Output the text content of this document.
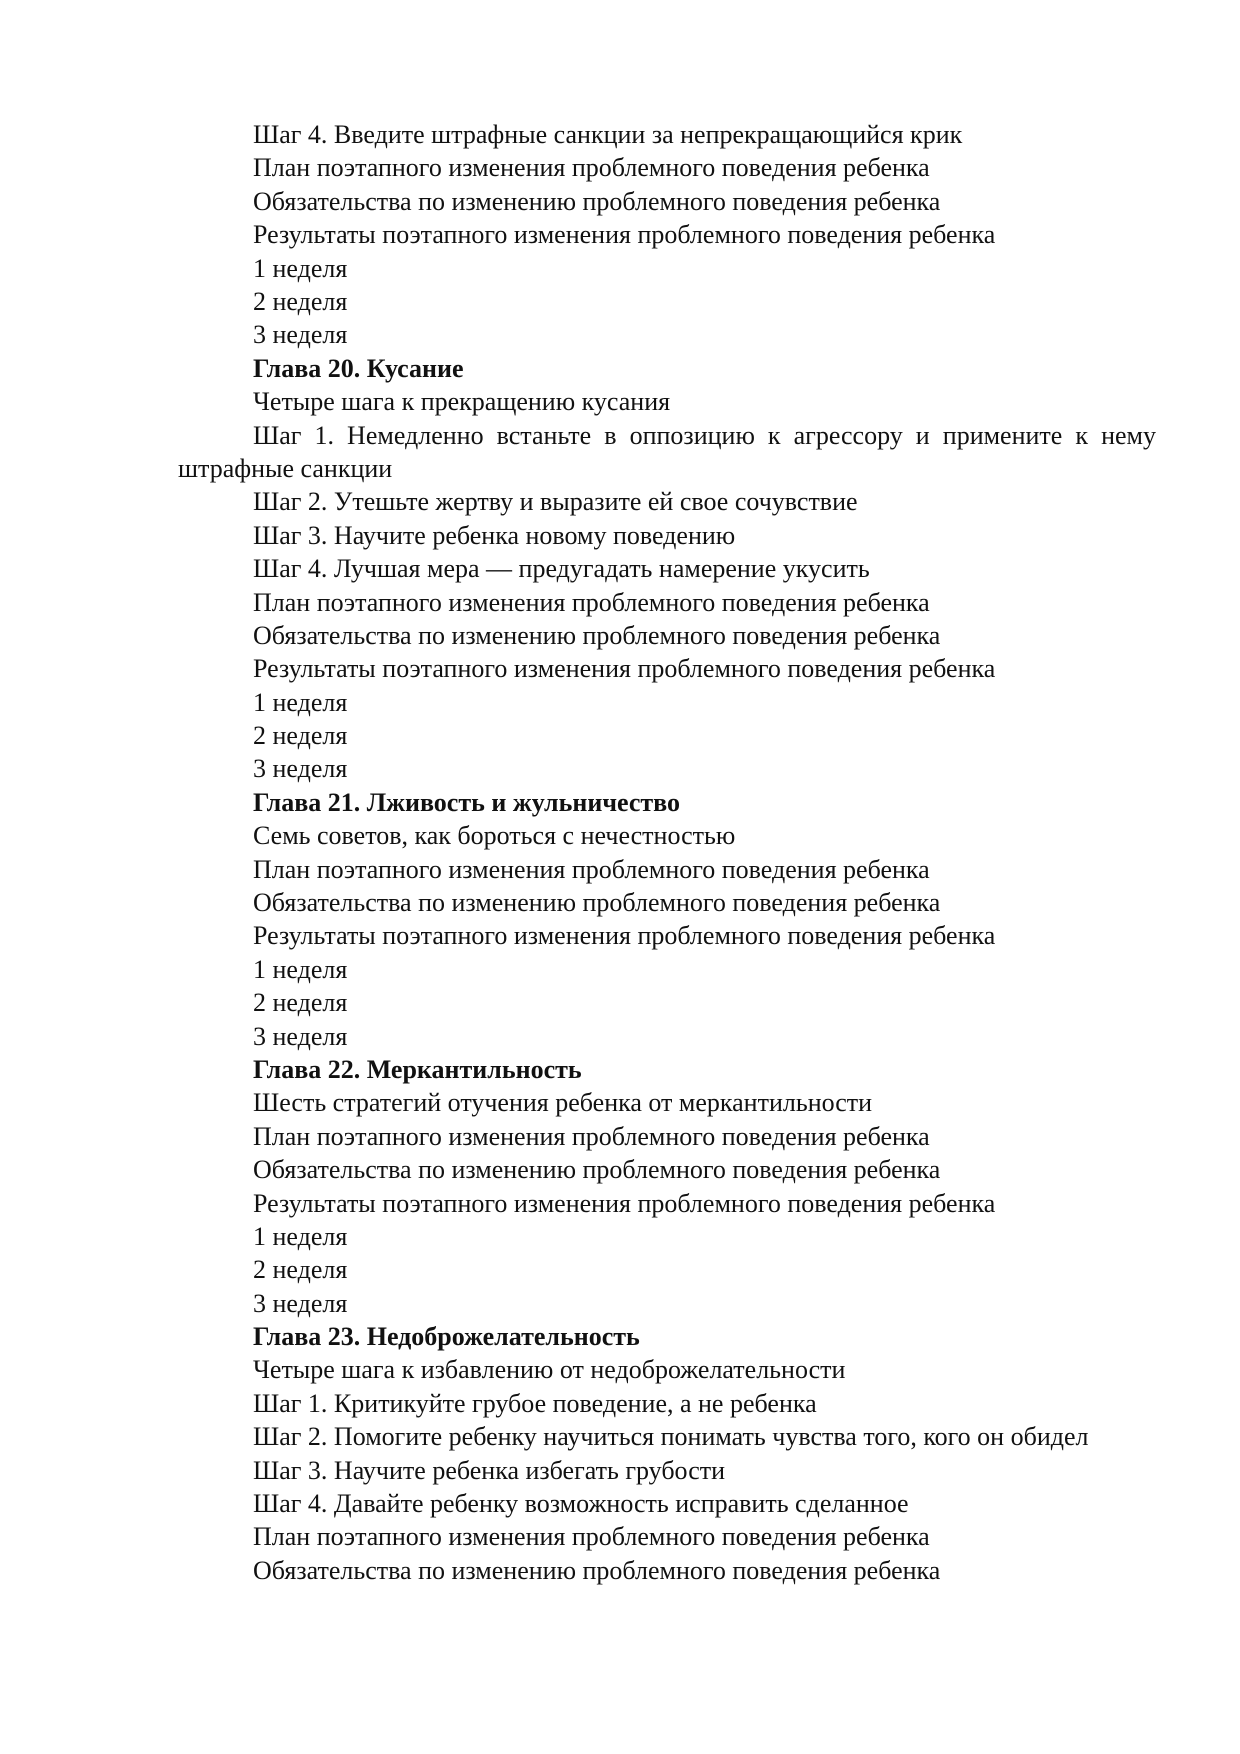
Шаг 4. Введите штрафные санкции за непрекращающийся крик
План поэтапного изменения проблемного поведения ребенка
Обязательства по изменению проблемного поведения ребенка
Результаты поэтапного изменения проблемного поведения ребенка
1 неделя
2 неделя
3 неделя
Глава 20. Кусание
Четыре шага к прекращению кусания
Шаг 1. Немедленно встаньте в оппозицию к агрессору и примените к нему штрафные санкции
Шаг 2. Утешьте жертву и выразите ей свое сочувствие
Шаг 3. Научите ребенка новому поведению
Шаг 4. Лучшая мера — предугадать намерение укусить
План поэтапного изменения проблемного поведения ребенка
Обязательства по изменению проблемного поведения ребенка
Результаты поэтапного изменения проблемного поведения ребенка
1 неделя
2 неделя
3 неделя
Глава 21. Лживость и жульничество
Семь советов, как бороться с нечестностью
План поэтапного изменения проблемного поведения ребенка
Обязательства по изменению проблемного поведения ребенка
Результаты поэтапного изменения проблемного поведения ребенка
1 неделя
2 неделя
3 неделя
Глава 22. Меркантильность
Шесть стратегий отучения ребенка от меркантильности
План поэтапного изменения проблемного поведения ребенка
Обязательства по изменению проблемного поведения ребенка
Результаты поэтапного изменения проблемного поведения ребенка
1 неделя
2 неделя
3 неделя
Глава 23. Недоброжелательность
Четыре шага к избавлению от недоброжелательности
Шаг 1. Критикуйте грубое поведение, а не ребенка
Шаг 2. Помогите ребенку научиться понимать чувства того, кого он обидел
Шаг 3. Научите ребенка избегать грубости
Шаг 4. Давайте ребенку возможность исправить сделанное
План поэтапного изменения проблемного поведения ребенка
Обязательства по изменению проблемного поведения ребенка
